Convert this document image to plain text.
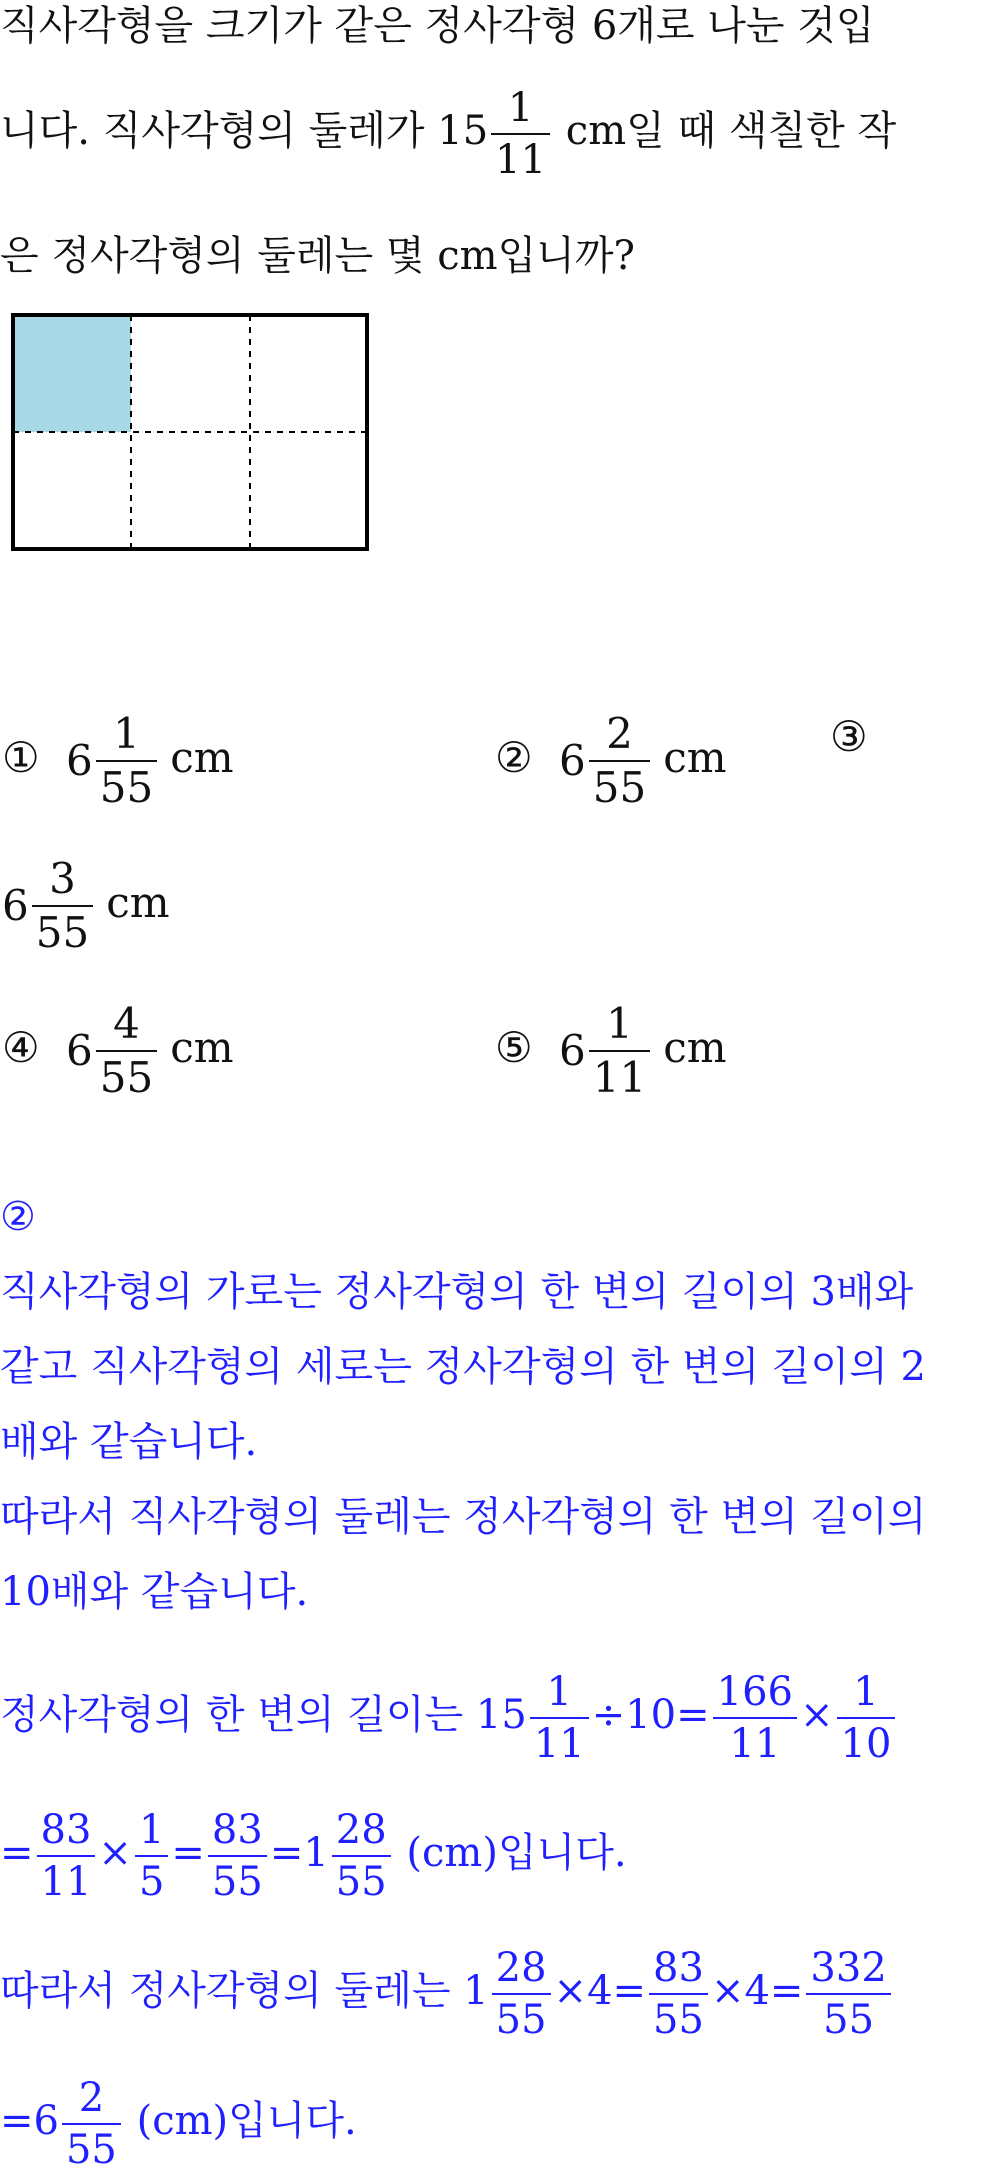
직사각형을 크기가 같은 정사각형 6개로 나눈 것입
니다. 직사각형의 둘레가 $15 \frac{1}{11}$ cm일 때 색칠한 작
은 정사각형의 둘레는 몇 cm입니까?
① $6 \frac{1}{55}$ cm	② $6 \frac{2}{55}$ cm ③
$6 \frac{3}{55}$ cm
④ $6 \frac{4}{55}$ cm	⑤ $6 \frac{1}{11}$ cm
②
직사각형의 가로는 정사각형의 한 변의 길이의 3배와
같고 직사각형의 세로는 정사각형의 한 변의 길이의 2
배와 같습니다.
따라서 직사각형의 둘레는 정사각형의 한 변의 길이의
10배와 같습니다.
정사각형의 한 변의 길이는 $15 \frac{1}{11} \div 10= \frac{166}{11} \times \frac{1}{10}$
= $\frac{83}{11} \times \frac{1}{5} = \frac{83}{55} =1 \frac{28}{55} (cm)$입니다.
따라서 정사각형의 둘레는 $1 \frac{28}{55} \times 4= \frac{83}{55} \times 4= \frac{332}{55}$
$=6 \frac{2}{55} (cm)$입니다.
